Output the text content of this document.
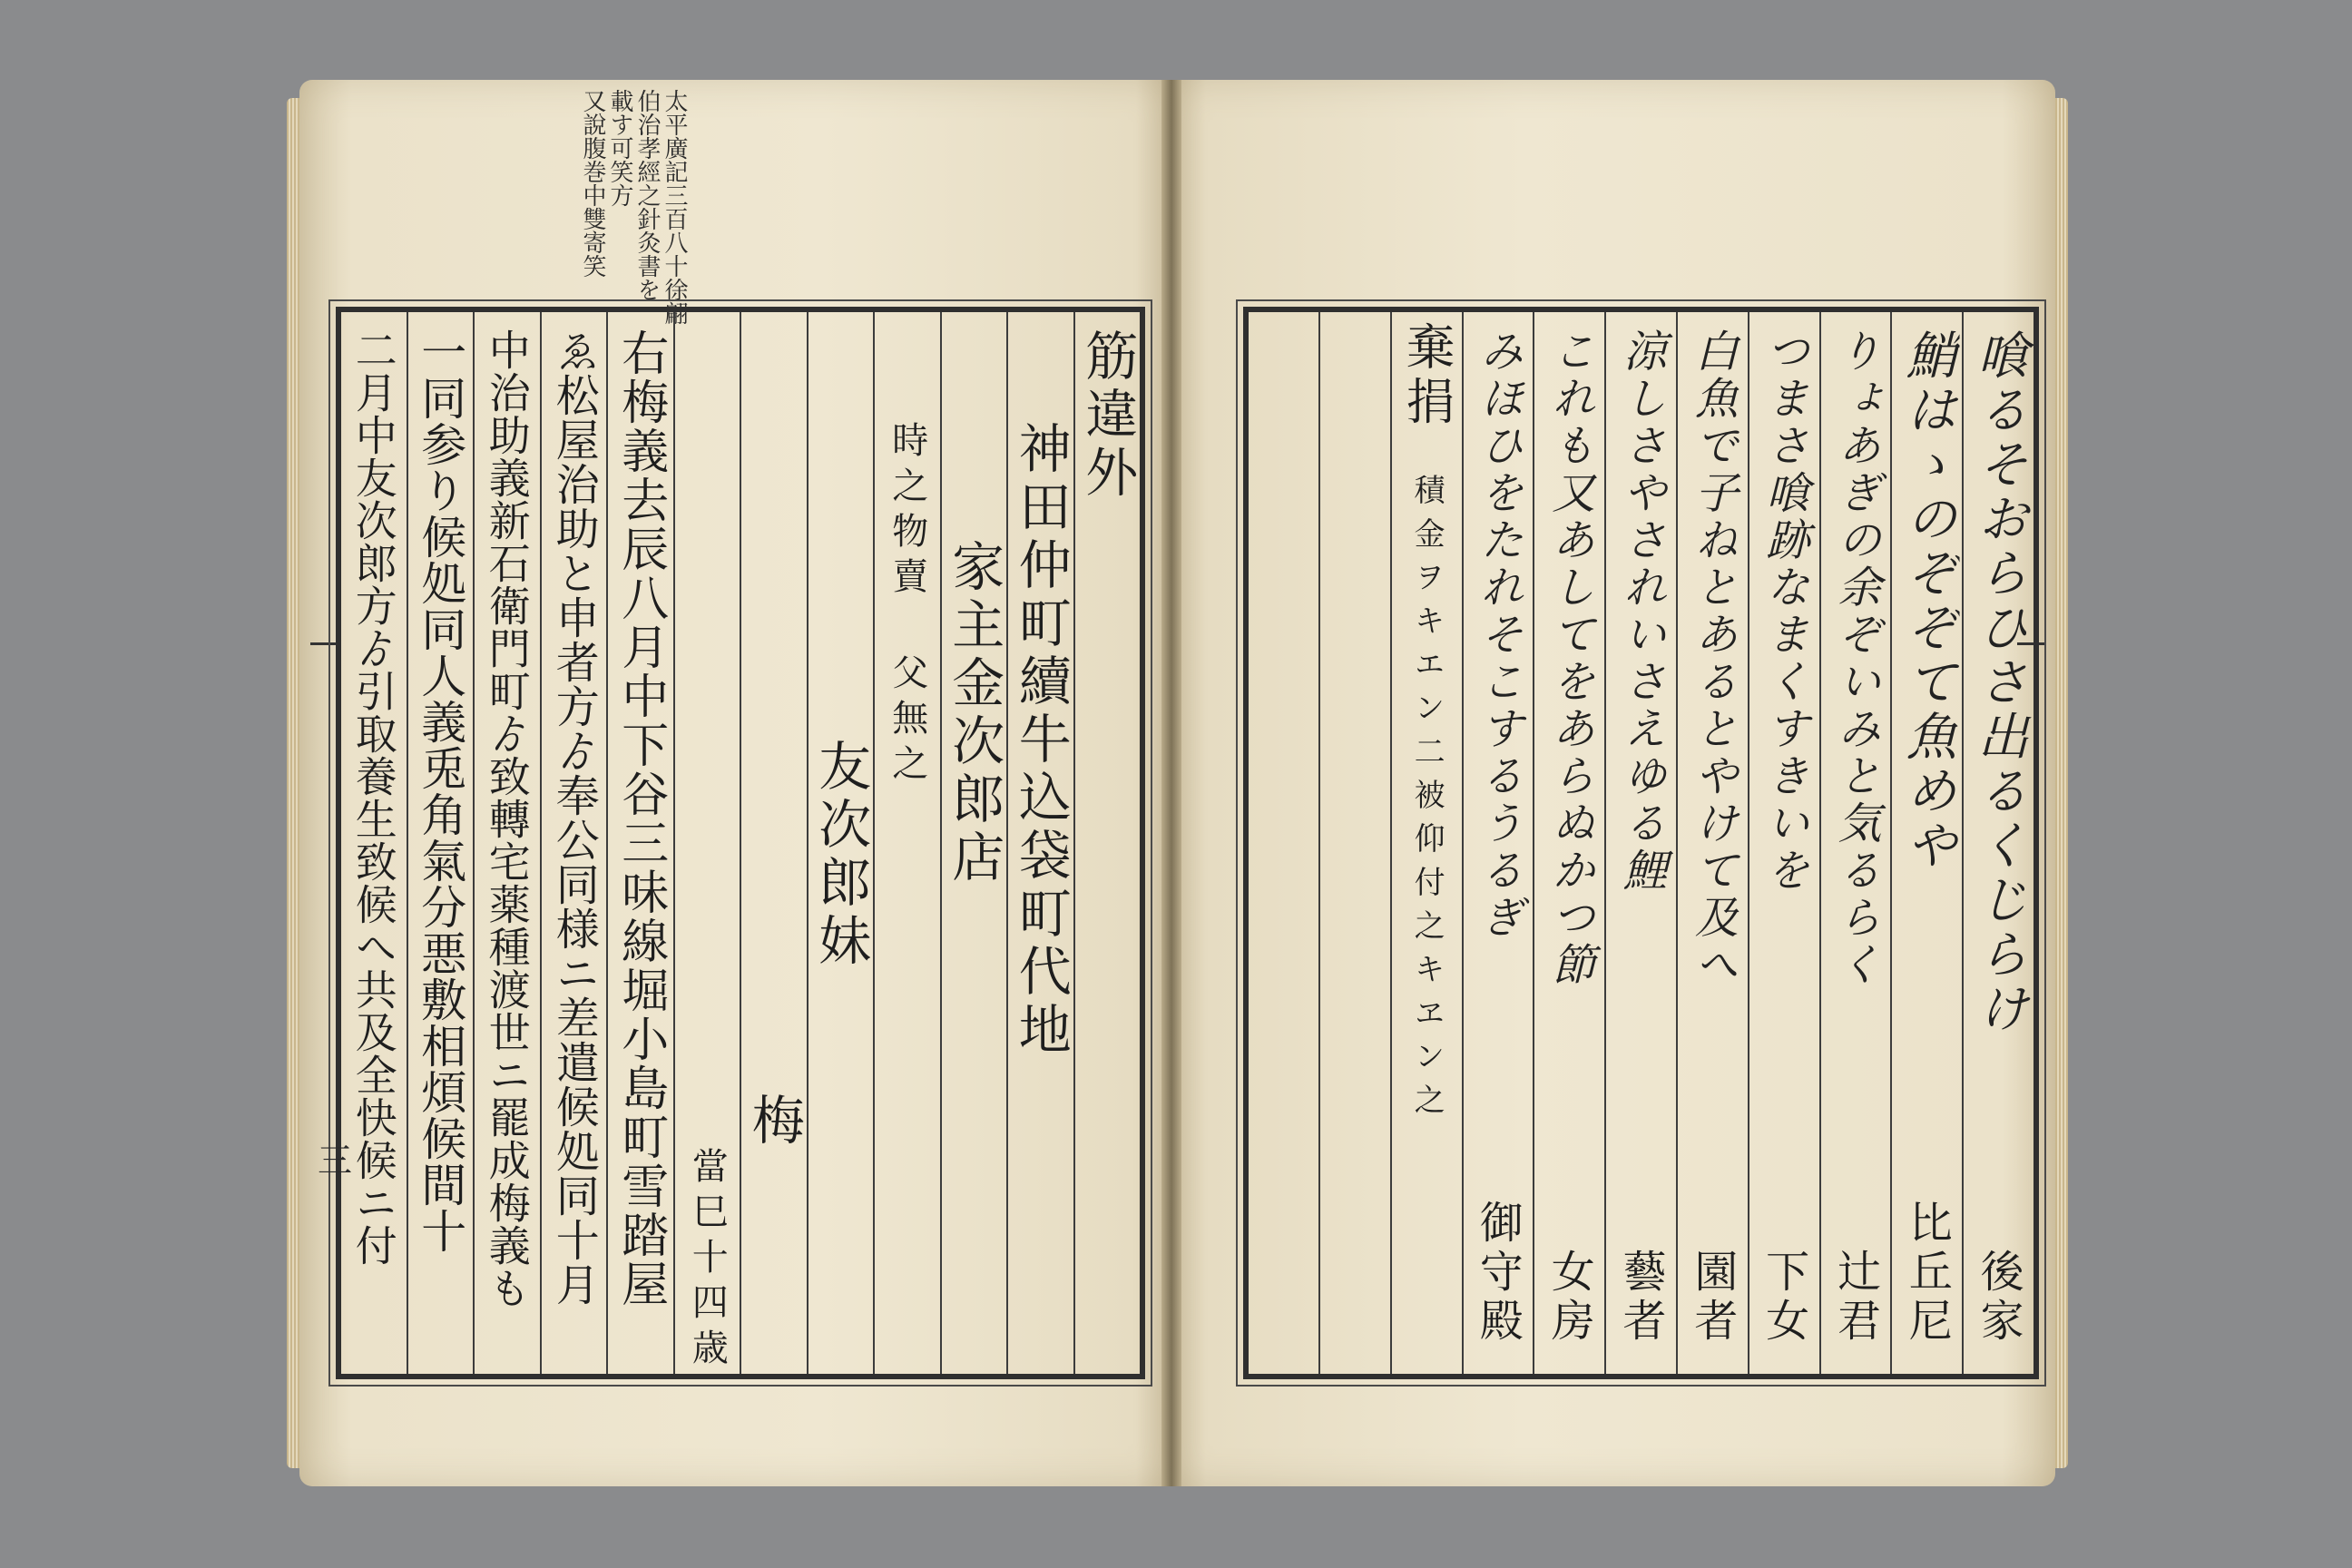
太平廣記三百八十徐翩
伯治孝經之針灸書を
載す可笑方
又說腹巻中雙寄笑
筋違外
神田仲町續牛込袋町代地
家主金次郎店
時之物賣 父無之
友次郎妹
梅
當巳十四歳
右梅義去辰八月中下谷三味線堀小島町雪踏屋
ゑ松屋治助と申者方ゟ奉公同様ニ差遣候処同十月
中治助義新石衛門町ゟ致轉宅薬種渡世ニ罷成梅義も
一同参り候処同人義兎角氣分悪敷相煩候間十
二月中友次郎方ゟ引取養生致候へ共及全快候ニ付
三
喰るそおらひさ出るくじらけ
後家
鮹はゝのぞぞて魚めや
比丘尼
りょあぎの余ぞいみと気るらく
辻君
つまさ喰跡なまくすきいを
下女
白魚で子ねとあるとやけて及へ
園者
涼しさやされいさえゆる鯉
藝者
これも又あしてをあらぬかつ節
女房
みほひをたれそこするうるぎ
御守殿
棄捐
積金ヲキエン二被仰付之キヱン之
